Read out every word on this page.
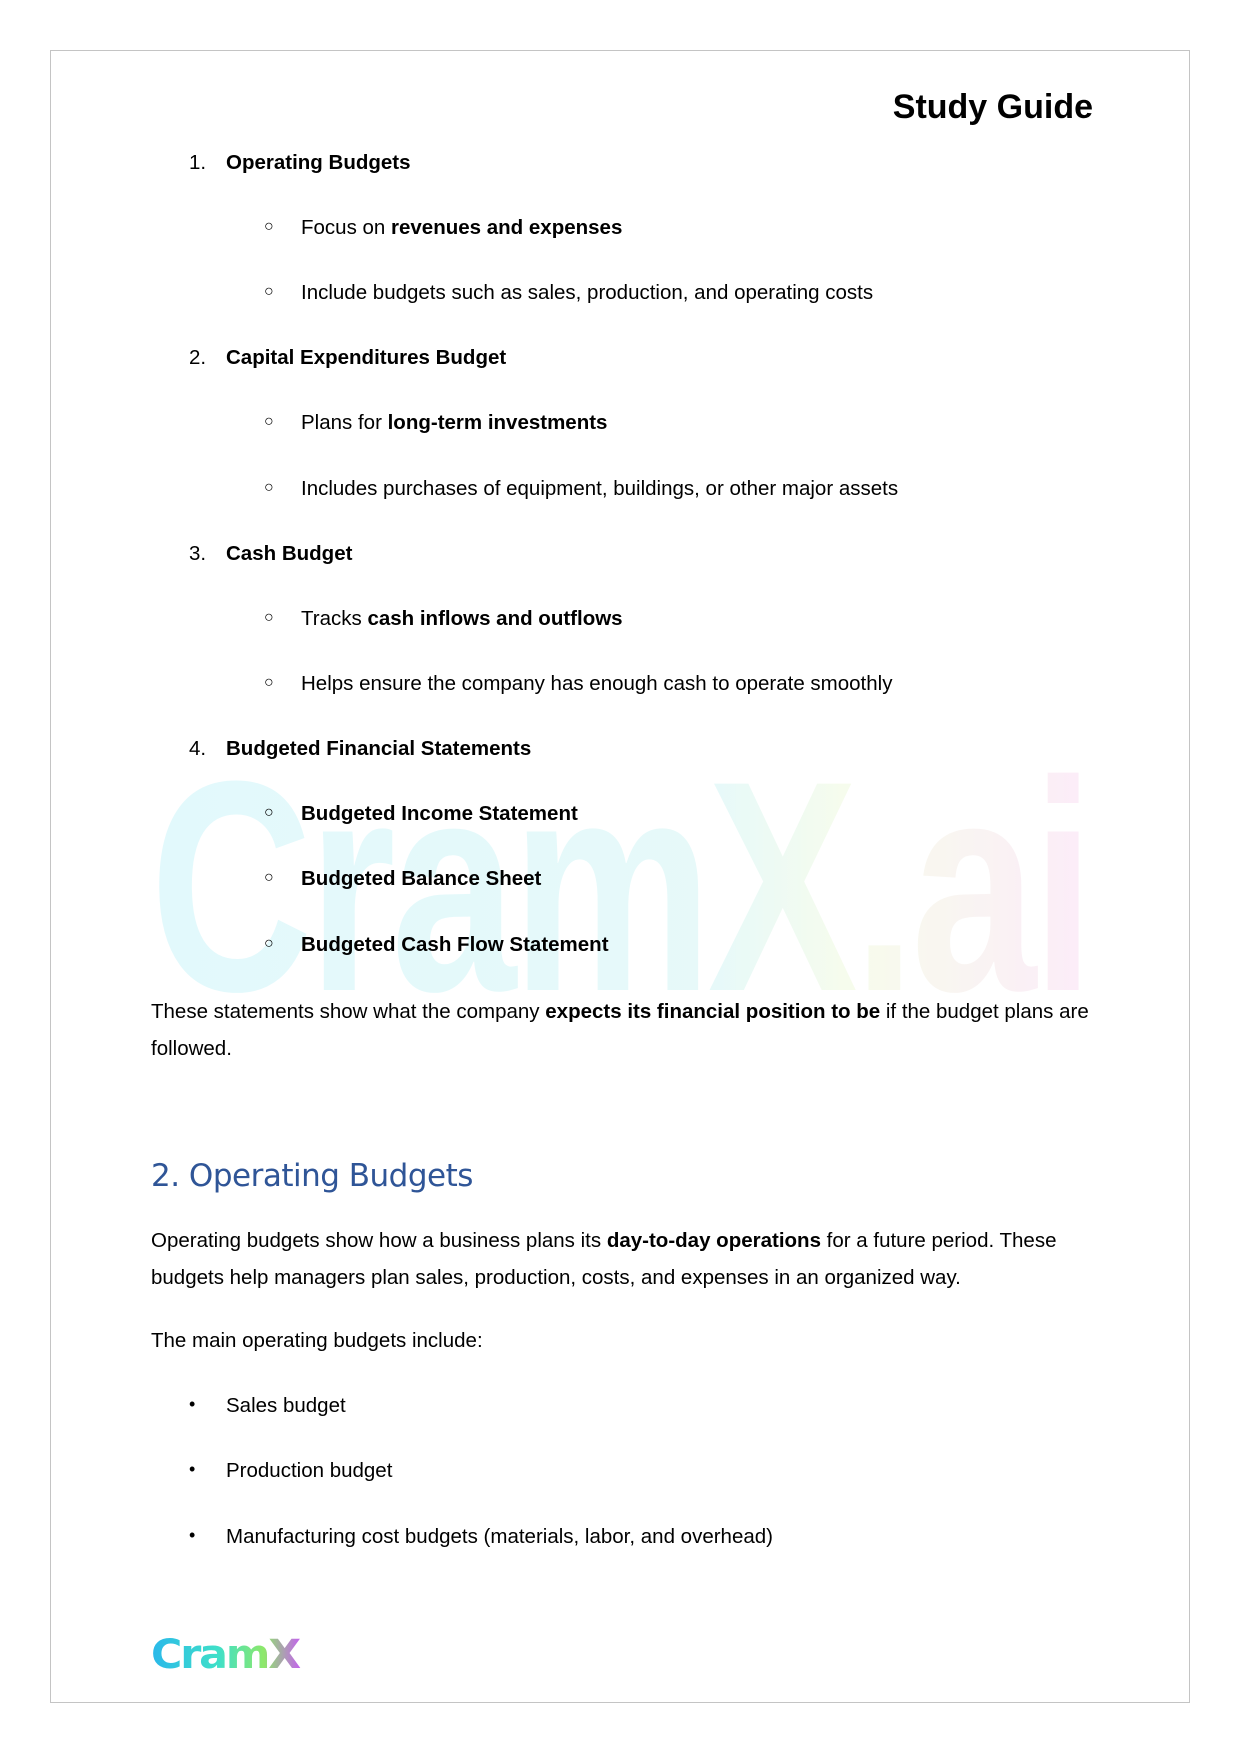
CramX.ai
Study Guide
1. Operating Budgets
○ Focus on revenues and expenses
○ Include budgets such as sales, production, and operating costs
2. Capital Expenditures Budget
○ Plans for long-term investments
○ Includes purchases of equipment, buildings, or other major assets
3. Cash Budget
○ Tracks cash inflows and outflows
○ Helps ensure the company has enough cash to operate smoothly
4. Budgeted Financial Statements
○ Budgeted Income Statement
○ Budgeted Balance Sheet
○ Budgeted Cash Flow Statement
These statements show what the company expects its financial position to be if the budget plans are followed.
2. Operating Budgets
Operating budgets show how a business plans its day-to-day operations for a future period. These budgets help managers plan sales, production, costs, and expenses in an organized way.
The main operating budgets include:
• Sales budget
• Production budget
• Manufacturing cost budgets (materials, labor, and overhead)
CramX
